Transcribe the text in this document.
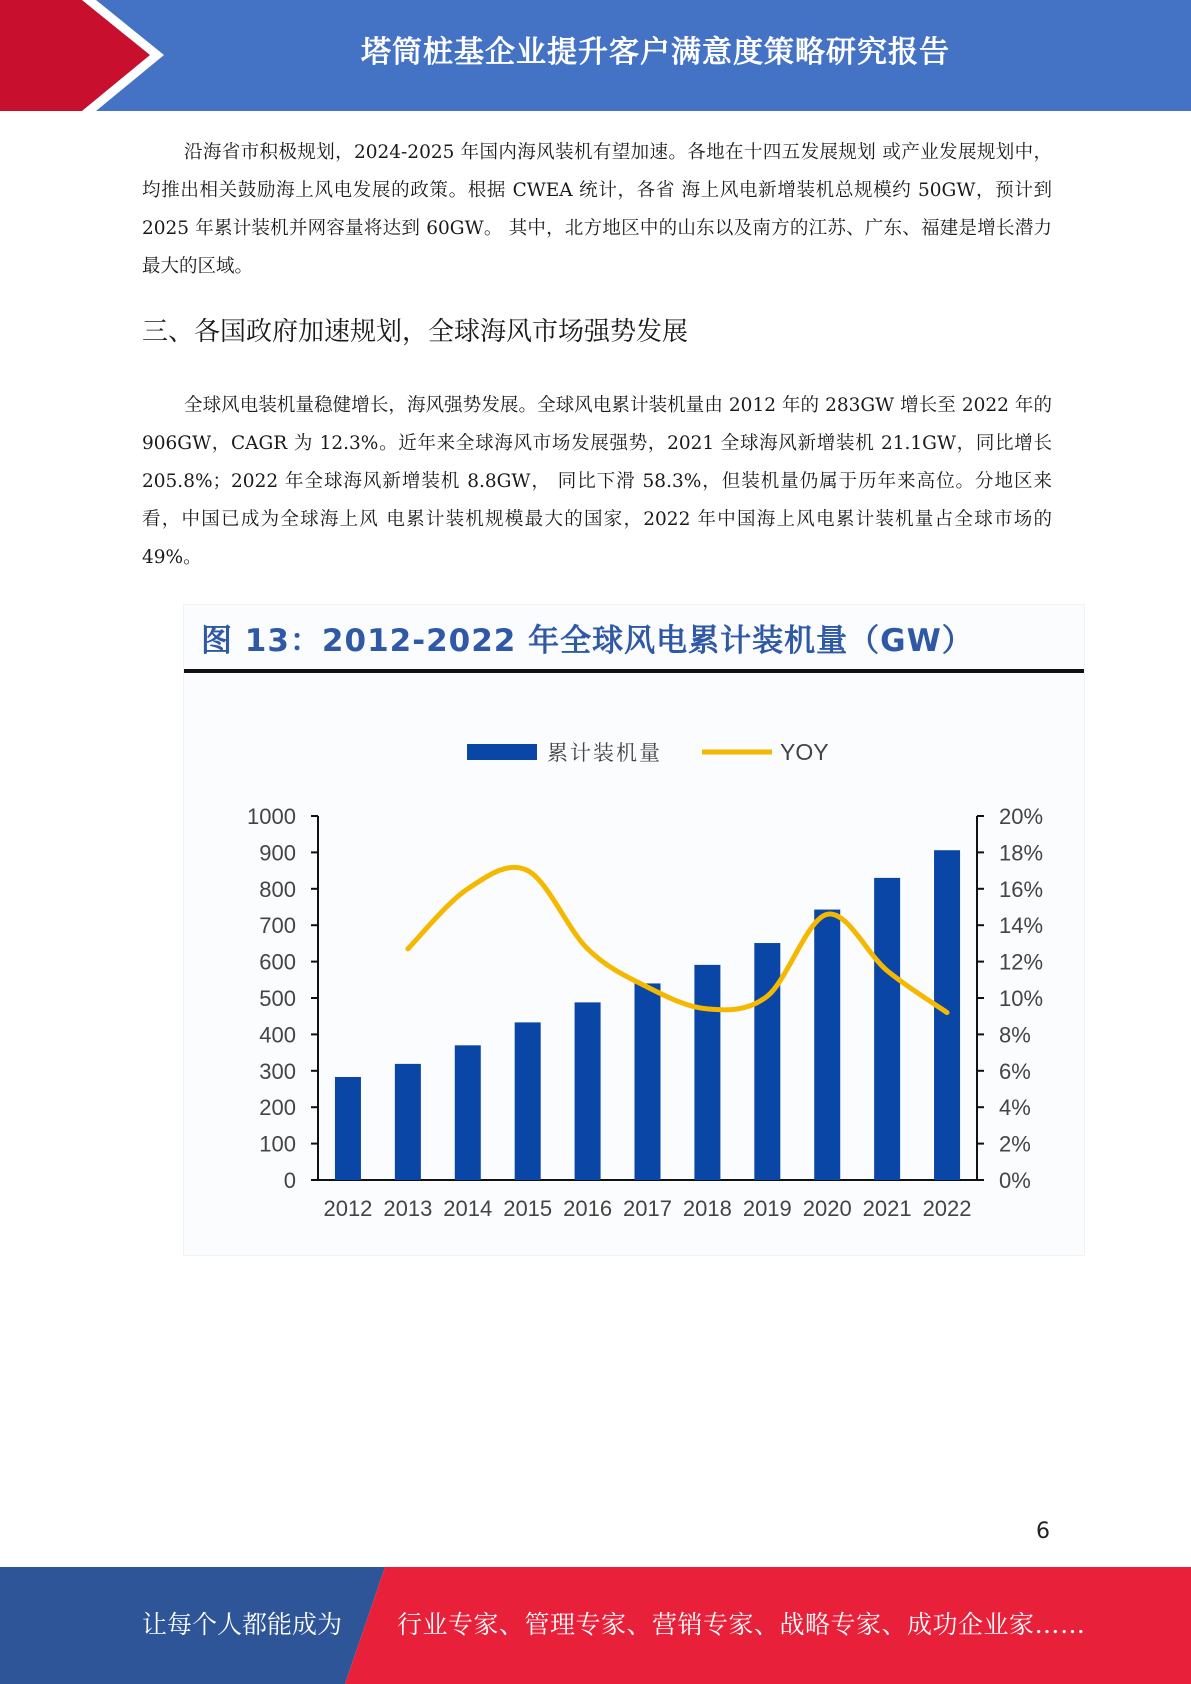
塔筒桩基企业提升客户满意度策略研究报告

沿海省市积极规划，2024-2025 年国内海风装机有望加速。各地在十四五发展规划 或产业发展规划中，均推出相关鼓励海上风电发展的政策。根据 CWEA 统计，各省 海上风电新增装机总规模约 50GW，预计到 2025 年累计装机并网容量将达到 60GW。 其中，北方地区中的山东以及南方的江苏、广东、福建是增长潜力最大的区域。

三、各国政府加速规划，全球海风市场强势发展

全球风电装机量稳健增长，海风强势发展。全球风电累计装机量由 2012 年的 283GW 增长至 2022 年的 906GW，CAGR 为 12.3%。近年来全球海风市场发展强势，2021 全球海风新增装机 21.1GW，同比增长 205.8%；2022 年全球海风新增装机 8.8GW， 同比下滑 58.3%，但装机量仍属于历年来高位。分地区来看，中国已成为全球海上风 电累计装机规模最大的国家，2022 年中国海上风电累计装机量占全球市场的 49%。

图 13：2012-2022 年全球风电累计装机量（GW）
0
100
200
300
400
500
600
700
800
900
1000
0%
2%
4%
6%
8%
10%
12%
14%
16%
18%
20%
2012 2013 2014 2015 2016 2017 2018 2019 2020 2021 2022
累计装机量	YOY
6
让每个人都能成为 行业专家、管理专家、营销专家、战略专家、成功企业家……
